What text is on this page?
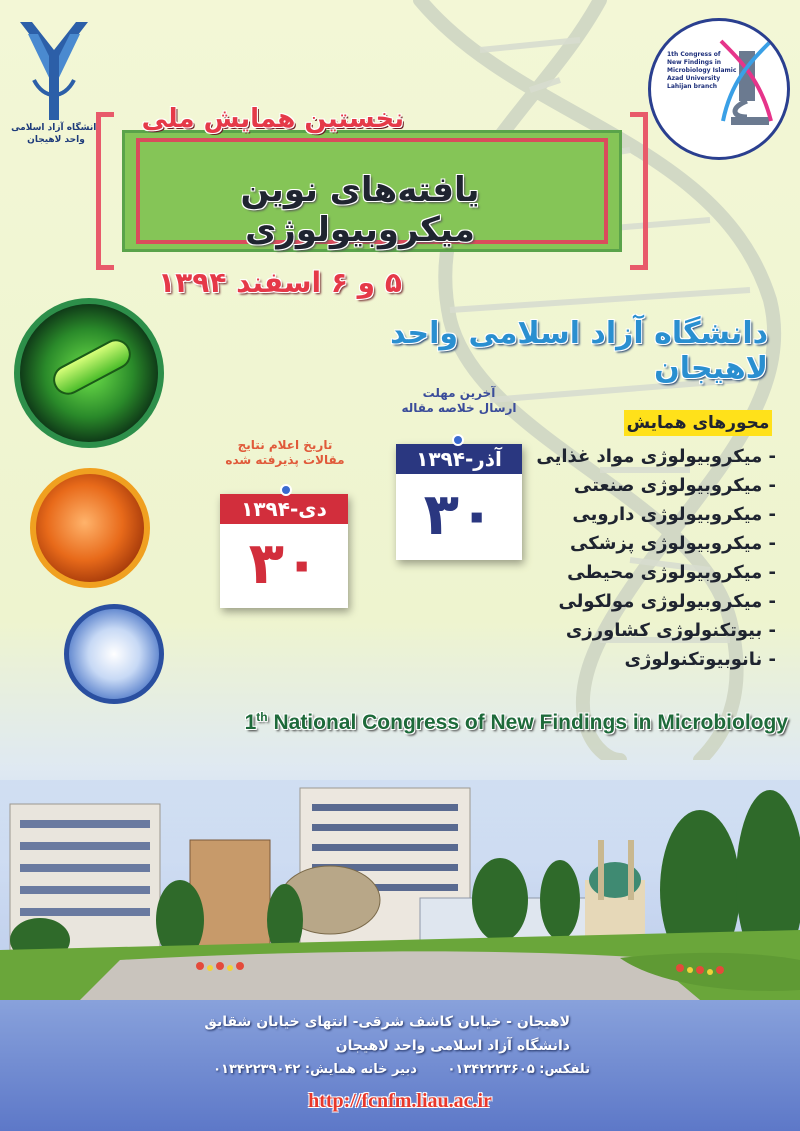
دانشگاه آزاد اسلامی
واحد لاهیجان
1th Congress of New Findings in Microbiology Islamic Azad University Lahijan branch
نخستین همایش ملی
یافته‌های نوین میکروبیولوژی
۵ و ۶ اسفند ۱۳۹۴
دانشگاه آزاد اسلامی واحد لاهیجان
آخرین مهلت
ارسال خلاصه مقاله
آذر-۱۳۹۴
۳۰
تاریخ اعلام نتایج
مقالات پذیرفته شده
دی-۱۳۹۴
۳۰
محورهای همایش
- میکروبیولوژی مواد غذایی
- میکروبیولوژی صنعتی
- میکروبیولوژی دارویی
- میکروبیولوژی پزشکی
- میکروبیولوژی محیطی
- میکروبیولوژی مولکولی
- بیوتکنولوژی کشاورزی
- نانوبیوتکنولوژی
1th National Congress of New Findings in Microbiology
لاهیجان - خیابان کاشف شرقی- انتهای خیابان شقایق
دانشگاه آزاد اسلامی واحد لاهیجان
تلفکس: ۰۱۳۴۲۲۲۳۶۰۵ دبیر خانه همایش: ۰۱۳۴۲۲۳۹۰۴۲
http://fcnfm.liau.ac.ir
